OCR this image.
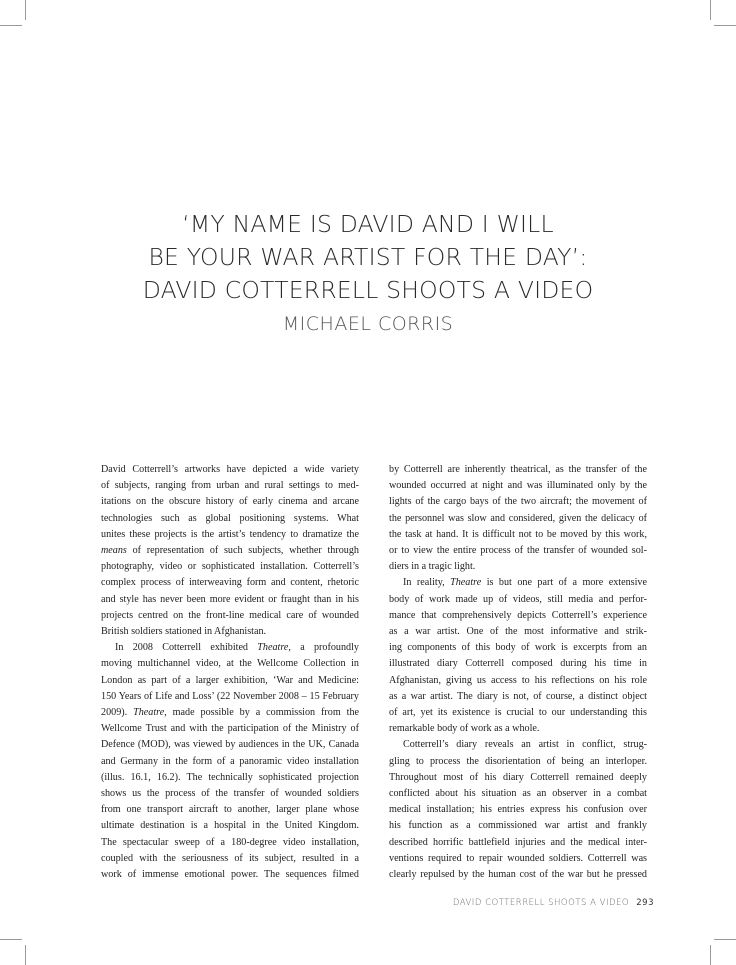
‘MY NAME IS DAVID AND I WILL
BE YOUR WAR ARTIST FOR THE DAY’:
DAVID COTTERRELL SHOOTS A VIDEO
MICHAEL CORRIS

David Cotterrell’s artworks have depicted a wide variety

of subjects, ranging from urban and rural settings to med-

itations on the obscure history of early cinema and arcane

technologies such as global positioning systems. What

unites these projects is the artist’s tendency to dramatize the

means of representation of such subjects, whether through

photography, video or sophisticated installation. Cotterrell’s

complex process of interweaving form and content, rhetoric

and style has never been more evident or fraught than in his

projects centred on the front-line medical care of wounded

British soldiers stationed in Afghanistan.

In 2008 Cotterrell exhibited Theatre, a profoundly

moving multichannel video, at the Wellcome Collection in

London as part of a larger exhibition, ‘War and Medicine:

150 Years of Life and Loss’ (22 November 2008 – 15 February

2009). Theatre, made possible by a commission from the

Wellcome Trust and with the participation of the Ministry of

Defence (MOD), was viewed by audiences in the UK, Canada

and Germany in the form of a panoramic video installation

(illus. 16.1, 16.2). The technically sophisticated projection

shows us the process of the transfer of wounded soldiers

from one transport aircraft to another, larger plane whose

ultimate destination is a hospital in the United Kingdom.

The spectacular sweep of a 180-degree video installation,

coupled with the seriousness of its subject, resulted in a

work of immense emotional power. The sequences filmed

by Cotterrell are inherently theatrical, as the transfer of the

wounded occurred at night and was illuminated only by the

lights of the cargo bays of the two aircraft; the movement of

the personnel was slow and considered, given the delicacy of

the task at hand. It is difficult not to be moved by this work,

or to view the entire process of the transfer of wounded sol-

diers in a tragic light.

In reality, Theatre is but one part of a more extensive

body of work made up of videos, still media and perfor-

mance that comprehensively depicts Cotterrell’s experience

as a war artist. One of the most informative and strik-

ing components of this body of work is excerpts from an

illustrated diary Cotterrell composed during his time in

Afghanistan, giving us access to his reflections on his role

as a war artist. The diary is not, of course, a distinct object

of art, yet its existence is crucial to our understanding this

remarkable body of work as a whole.

Cotterrell’s diary reveals an artist in conflict, strug-

gling to process the disorientation of being an interloper.

Throughout most of his diary Cotterrell remained deeply

conflicted about his situation as an observer in a combat

medical installation; his entries express his confusion over

his function as a commissioned war artist and frankly

described horrific battlefield injuries and the medical inter-

ventions required to repair wounded soldiers. Cotterrell was

clearly repulsed by the human cost of the war but he pressed

DAVID COTTERRELL SHOOTS A VIDEO 293
